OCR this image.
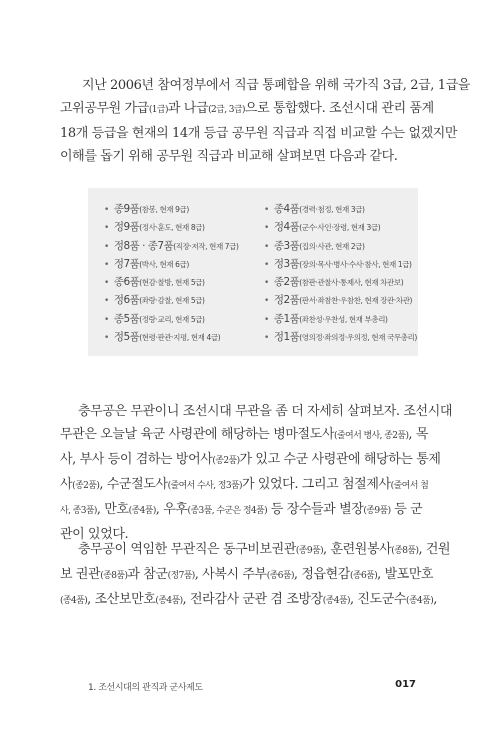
지난 2006년 참여정부에서 직급 통폐합을 위해 국가직 3급, 2급, 1급을
고위공무원 가급(1급)과 나급(2급, 3급)으로 통합했다. 조선시대 관리 품계
18개 등급을 현재의 14개 등급 공무원 직급과 직접 비교할 수는 없겠지만
이해를 돕기 위해 공무원 직급과 비교해 살펴보면 다음과 같다.
• 종9품(참봉, 현재 9급)
• 정9품(정사·훈도, 현재 8급)
• 정8품 · 종7품(직장·저작, 현재 7급)
• 정7품(박사, 현재 6급)
• 종6품(현감·찰방, 현재 5급)
• 정6품(좌랑·감찰, 현재 5급)
• 종5품(정랑·교리, 현재 5급)
• 정5품(현령·판관·지평, 현재 4급)
• 종4품(경력·첨정, 현재 3급)
• 정4품(군수·사인·장령, 현재 3급)
• 종3품(집의·사관, 현재 2급)
• 정3품(장의·목사·병사·수사·참사, 현재 1급)
• 종2품(참판·관찰사·통제사, 현재 차관보)
• 정2품(판서·좌참찬·우참찬, 현재 장관·차관)
• 종1품(좌찬성·우찬성, 현재 부총리)
• 정1품(영의정·좌의정·우의정, 현재 국무총리)
충무공은 무관이니 조선시대 무관을 좀 더 자세히 살펴보자. 조선시대
무관은 오늘날 육군 사령관에 해당하는 병마절도사(줄여서 병사, 종2품), 목
사, 부사 등이 겸하는 방어사(종2품)가 있고 수군 사령관에 해당하는 통제
사(종2품), 수군절도사(줄여서 수사, 정3품)가 있었다. 그리고 첨절제사(줄여서 첨
사, 종3품), 만호(종4품), 우후(종3품, 수군은 정4품) 등 장수들과 별장(종9품) 등 군
관이 있었다.
충무공이 역임한 무관직은 동구비보권관(종9품), 훈련원봉사(종8품), 건원
보 권관(종8품)과 참군(정7품), 사복시 주부(종6품), 정읍현감(종6품), 발포만호
(종4품), 조산보만호(종4품), 전라감사 군관 겸 조방장(종4품), 진도군수(종4품),
1. 조선시대의 관직과 군사제도	017
